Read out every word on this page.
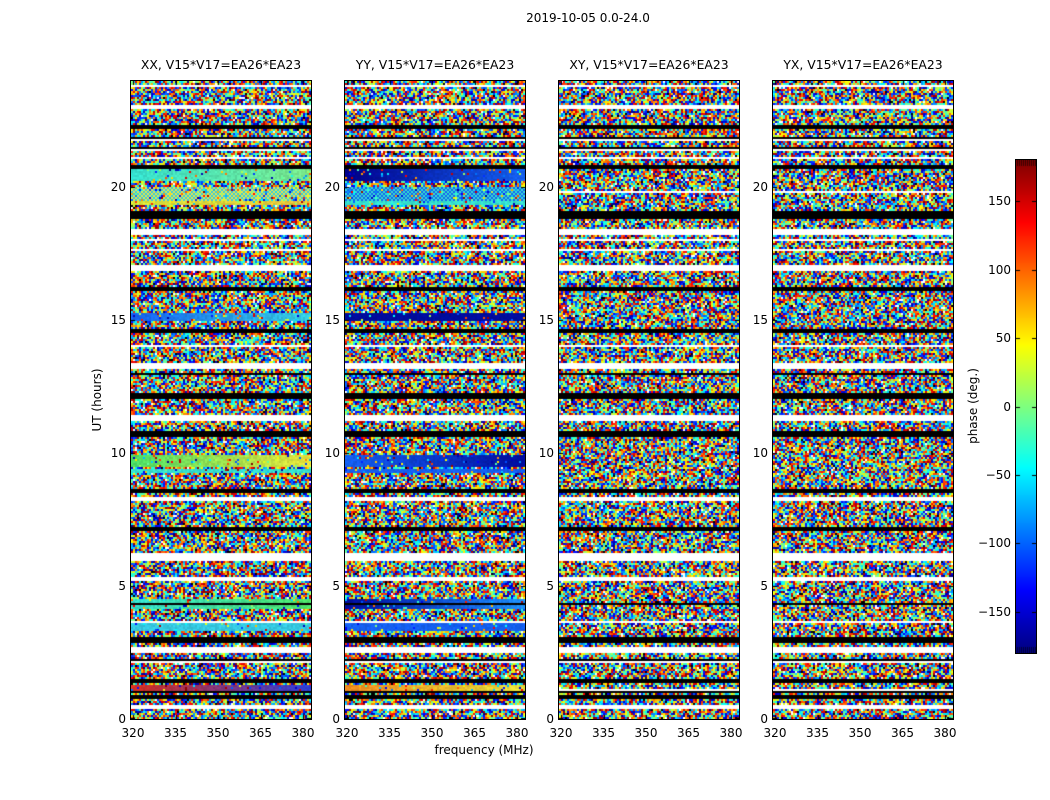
2019-10-05 0.0-24.0
UT (hours)
frequency (MHz)
XX, V15*V17=EA26*EA23
0
5
10
15
20
320	335	350	365	380
YY, V15*V17=EA26*EA23
0
5
10
15
20
320	335	350	365	380
XY, V15*V17=EA26*EA23
0
5
10
15
20
320	335	350	365	380
YX, V15*V17=EA26*EA23
0
5
10
15
20
320	335	350	365	380
150
100
50
0
−50
−100
−150
phase (deg.)
